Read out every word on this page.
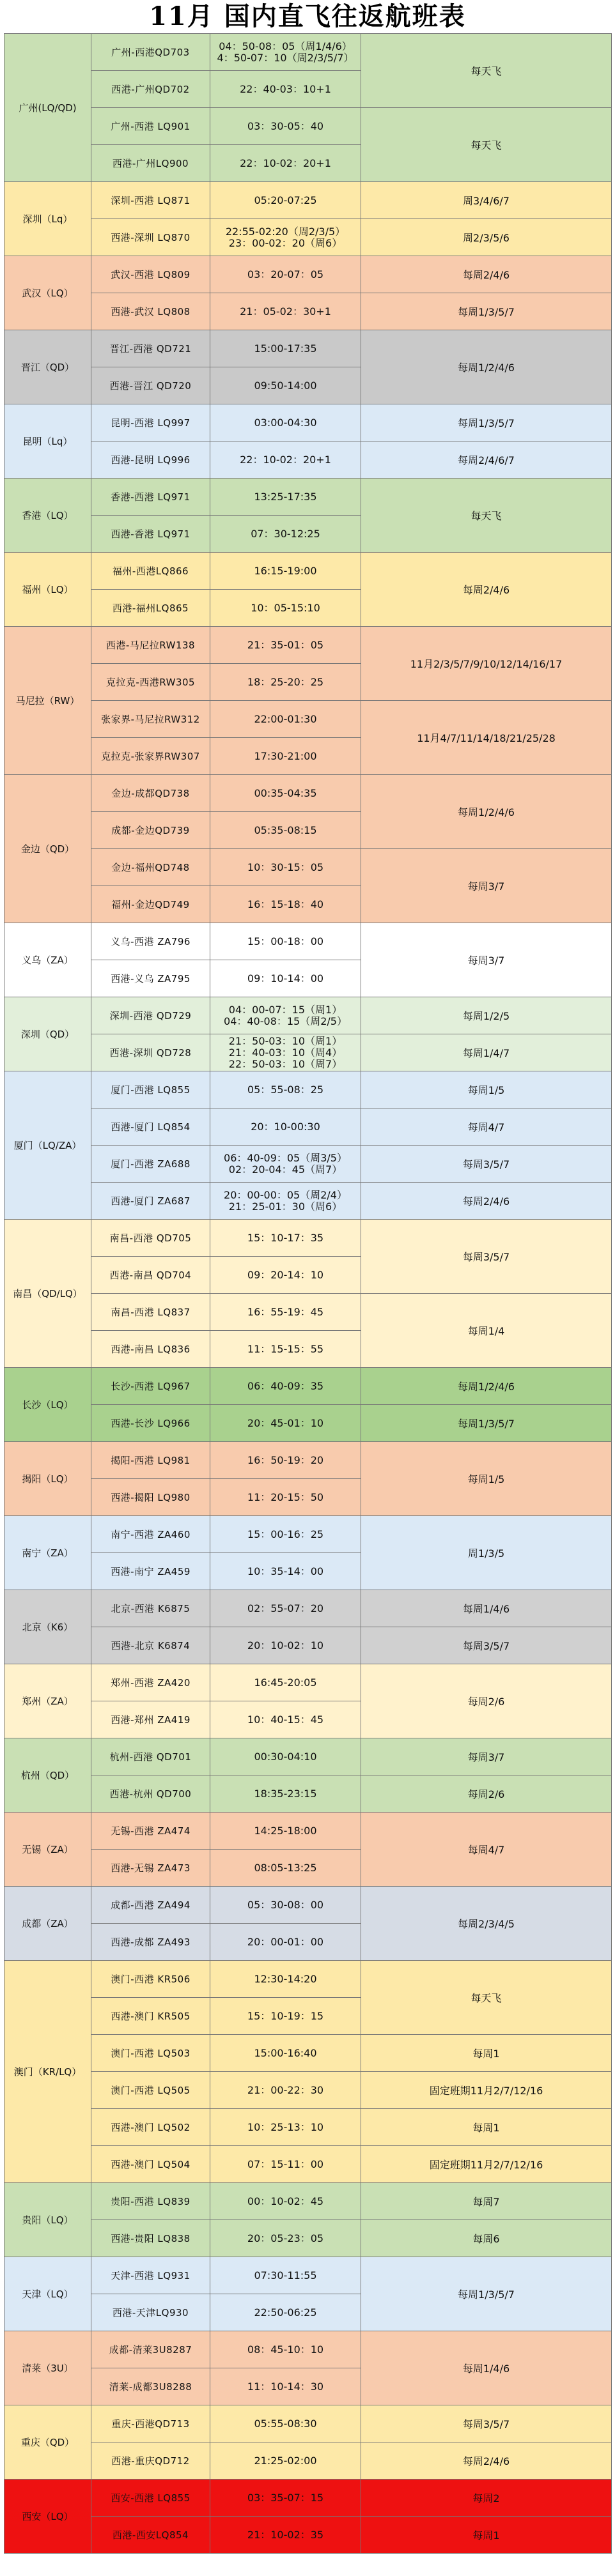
11月 国内直飞往返航班表
广州(LQ/QD)	广州-西港QD703	04：50-08：05（周1/4/6）
4：50-07：10（周2/3/5/7）	每天飞
	西港-广州QD702	22：40-03：10+1	
	广州-西港 LQ901	03：30-05：40	每天飞
	西港-广州LQ900	22：10-02：20+1	
深圳（Lq）	深圳-西港 LQ871	05:20-07:25	周3/4/6/7
	西港-深圳 LQ870	22:55-02:20（周2/3/5）
23：00-02：20（周6）	周2/3/5/6
武汉（LQ）	武汉-西港 LQ809	03：20-07：05	每周2/4/6
	西港-武汉 LQ808	21：05-02：30+1	每周1/3/5/7
晋江（QD）	晋江-西港 QD721	15:00-17:35	每周1/2/4/6
	西港-晋江 QD720	09:50-14:00	
昆明（Lq）	昆明-西港 LQ997	03:00-04:30	每周1/3/5/7
	西港-昆明 LQ996	22：10-02：20+1	每周2/4/6/7
香港（LQ）	香港-西港 LQ971	13:25-17:35	每天飞
	西港-香港 LQ971	07：30-12:25	
福州（LQ）	福州-西港LQ866	16:15-19:00	每周2/4/6
	西港-福州LQ865	10：05-15:10	
马尼拉（RW）	西港-马尼拉RW138	21：35-01：05	11月2/3/5/7/9/10/12/14/16/17
	克拉克-西港RW305	18：25-20：25	
	张家界-马尼拉RW312	22:00-01:30	11月4/7/11/14/18/21/25/28
	克拉克-张家界RW307	17:30-21:00	
金边（QD）	金边-成都QD738	00:35-04:35	每周1/2/4/6
	成都-金边QD739	05:35-08:15	
	金边-福州QD748	10：30-15：05	每周3/7
	福州-金边QD749	16：15-18：40	
义乌（ZA）	义乌-西港 ZA796	15：00-18：00	每周3/7
	西港-义乌 ZA795	09：10-14：00	
深圳（QD）	深圳-西港 QD729	04：00-07：15（周1）
04：40-08：15（周2/5）	每周1/2/5
	西港-深圳 QD728	21：50-03：10（周1）
21：40-03：10（周4）
22：50-03：10（周7）	每周1/4/7
厦门（LQ/ZA）	厦门-西港 LQ855	05：55-08：25	每周1/5
	西港-厦门 LQ854	20：10-00:30	每周4/7
	厦门-西港 ZA688	06：40-09：05（周3/5）
02：20-04：45（周7）	每周3/5/7
	西港-厦门 ZA687	20：00-00：05（周2/4）
21：25-01：30（周6）	每周2/4/6
南昌（QD/LQ）	南昌-西港 QD705	15：10-17：35	每周3/5/7
	西港-南昌 QD704	09：20-14：10	
	南昌-西港 LQ837	16：55-19：45	每周1/4
	西港-南昌 LQ836	11：15-15：55	
长沙（LQ）	长沙-西港 LQ967	06：40-09：35	每周1/2/4/6
	西港-长沙 LQ966	20：45-01：10	每周1/3/5/7
揭阳（LQ）	揭阳-西港 LQ981	16：50-19：20	每周1/5
	西港-揭阳 LQ980	11：20-15：50	
南宁（ZA）	南宁-西港 ZA460	15：00-16：25	周1/3/5
	西港-南宁 ZA459	10：35-14：00	
北京（K6）	北京-西港 K6875	02：55-07：20	每周1/4/6
	西港-北京 K6874	20：10-02：10	每周3/5/7
郑州（ZA）	郑州-西港 ZA420	16:45-20:05	每周2/6
	西港-郑州 ZA419	10：40-15：45	
杭州（QD）	杭州-西港 QD701	00:30-04:10	每周3/7
	西港-杭州 QD700	18:35-23:15	每周2/6
无锡（ZA）	无锡-西港 ZA474	14:25-18:00	每周4/7
	西港-无锡 ZA473	08:05-13:25	
成都（ZA）	成都-西港 ZA494	05：30-08：00	每周2/3/4/5
	西港-成都 ZA493	20：00-01：00	
澳门（KR/LQ）	澳门-西港 KR506	12:30-14:20	每天飞
	西港-澳门 KR505	15：10-19：15	
	澳门-西港 LQ503	15:00-16:40	每周1
	澳门-西港 LQ505	21：00-22：30	固定班期11月2/7/12/16
	西港-澳门 LQ502	10：25-13：10	每周1
	西港-澳门 LQ504	07：15-11：00	固定班期11月2/7/12/16
贵阳（LQ）	贵阳-西港 LQ839	00：10-02：45	每周7
	西港-贵阳 LQ838	20：05-23：05	每周6
天津（LQ）	天津-西港 LQ931	07:30-11:55	每周1/3/5/7
	西港-天津LQ930	22:50-06:25	
清莱（3U）	成都-清莱3U8287	08：45-10：10	每周1/4/6
	清莱-成都3U8288	11：10-14：30	
重庆（QD）	重庆-西港QD713	05:55-08:30	每周3/5/7
	西港-重庆QD712	21:25-02:00	每周2/4/6
西安（LQ）	西安-西港 LQ855	03：35-07：15	每周2
	西港-西安LQ854	21：10-02：35	每周1
